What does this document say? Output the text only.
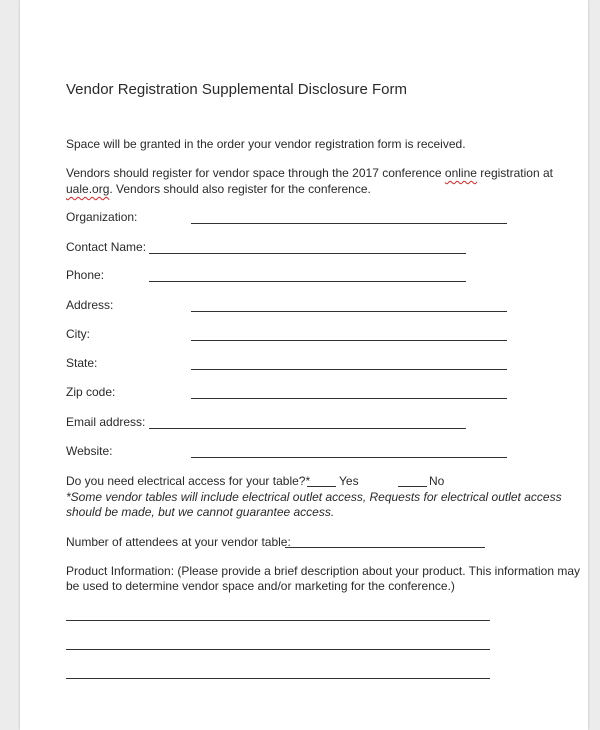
Vendor Registration Supplemental Disclosure Form
Space will be granted in the order your vendor registration form is received.
Vendors should register for vendor space through the 2017 conference online registration at
uale.org. Vendors should also register for the conference.
Organization:
Contact Name:
Phone:
Address:
City:
State:
Zip code:
Email address:
Website:
Do you need electrical access for your table?* Yes	No
*Some vendor tables will include electrical outlet access, Requests for electrical outlet access
should be made, but we cannot guarantee access.
Number of attendees at your vendor table:
Product Information: (Please provide a brief description about your product. This information may
be used to determine vendor space and/or marketing for the conference.)
